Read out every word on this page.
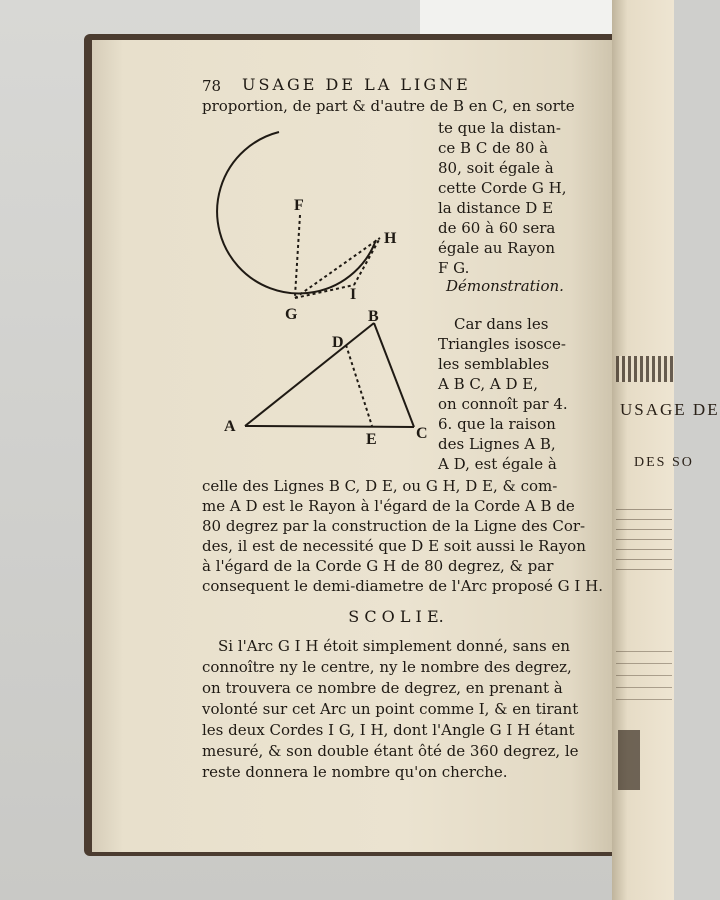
78 USAGE DE LA LIGNE
proportion, de part & d'autre de B en C, en sorte
te que la distan-
ce B C de 80 à
80, soit égale à
cette Corde G H,
la distance D E
de 60 à 60 sera
égale au Rayon
F G.
Démonstration.
Car dans les
Triangles isosce-
les semblables
A B C, A D E,
on connoît par 4.
6. que la raison
des Lignes A B,
A D, est égale à
celle des Lignes B C, D E, ou G H, D E, & com-
me A D est le Rayon à l'égard de la Corde A B de
80 degrez par la construction de la Ligne des Cor-
des, il est de necessité que D E soit aussi le Rayon
à l'égard de la Corde G H de 80 degrez, & par
consequent le demi-diametre de l'Arc proposé G I H.
S C O L I E.
Si l'Arc G I H étoit simplement donné, sans en
connoître ny le centre, ny le nombre des degrez,
on trouvera ce nombre de degrez, en prenant à
volonté sur cet Arc un point comme I, & en tirant
les deux Cordes I G, I H, dont l'Angle G I H étant
mesuré, & son double étant ôté de 360 degrez, le
reste donnera le nombre qu'on cherche.
F
H
G
I
B
D
A
E C
USAGE DE
DES SO
